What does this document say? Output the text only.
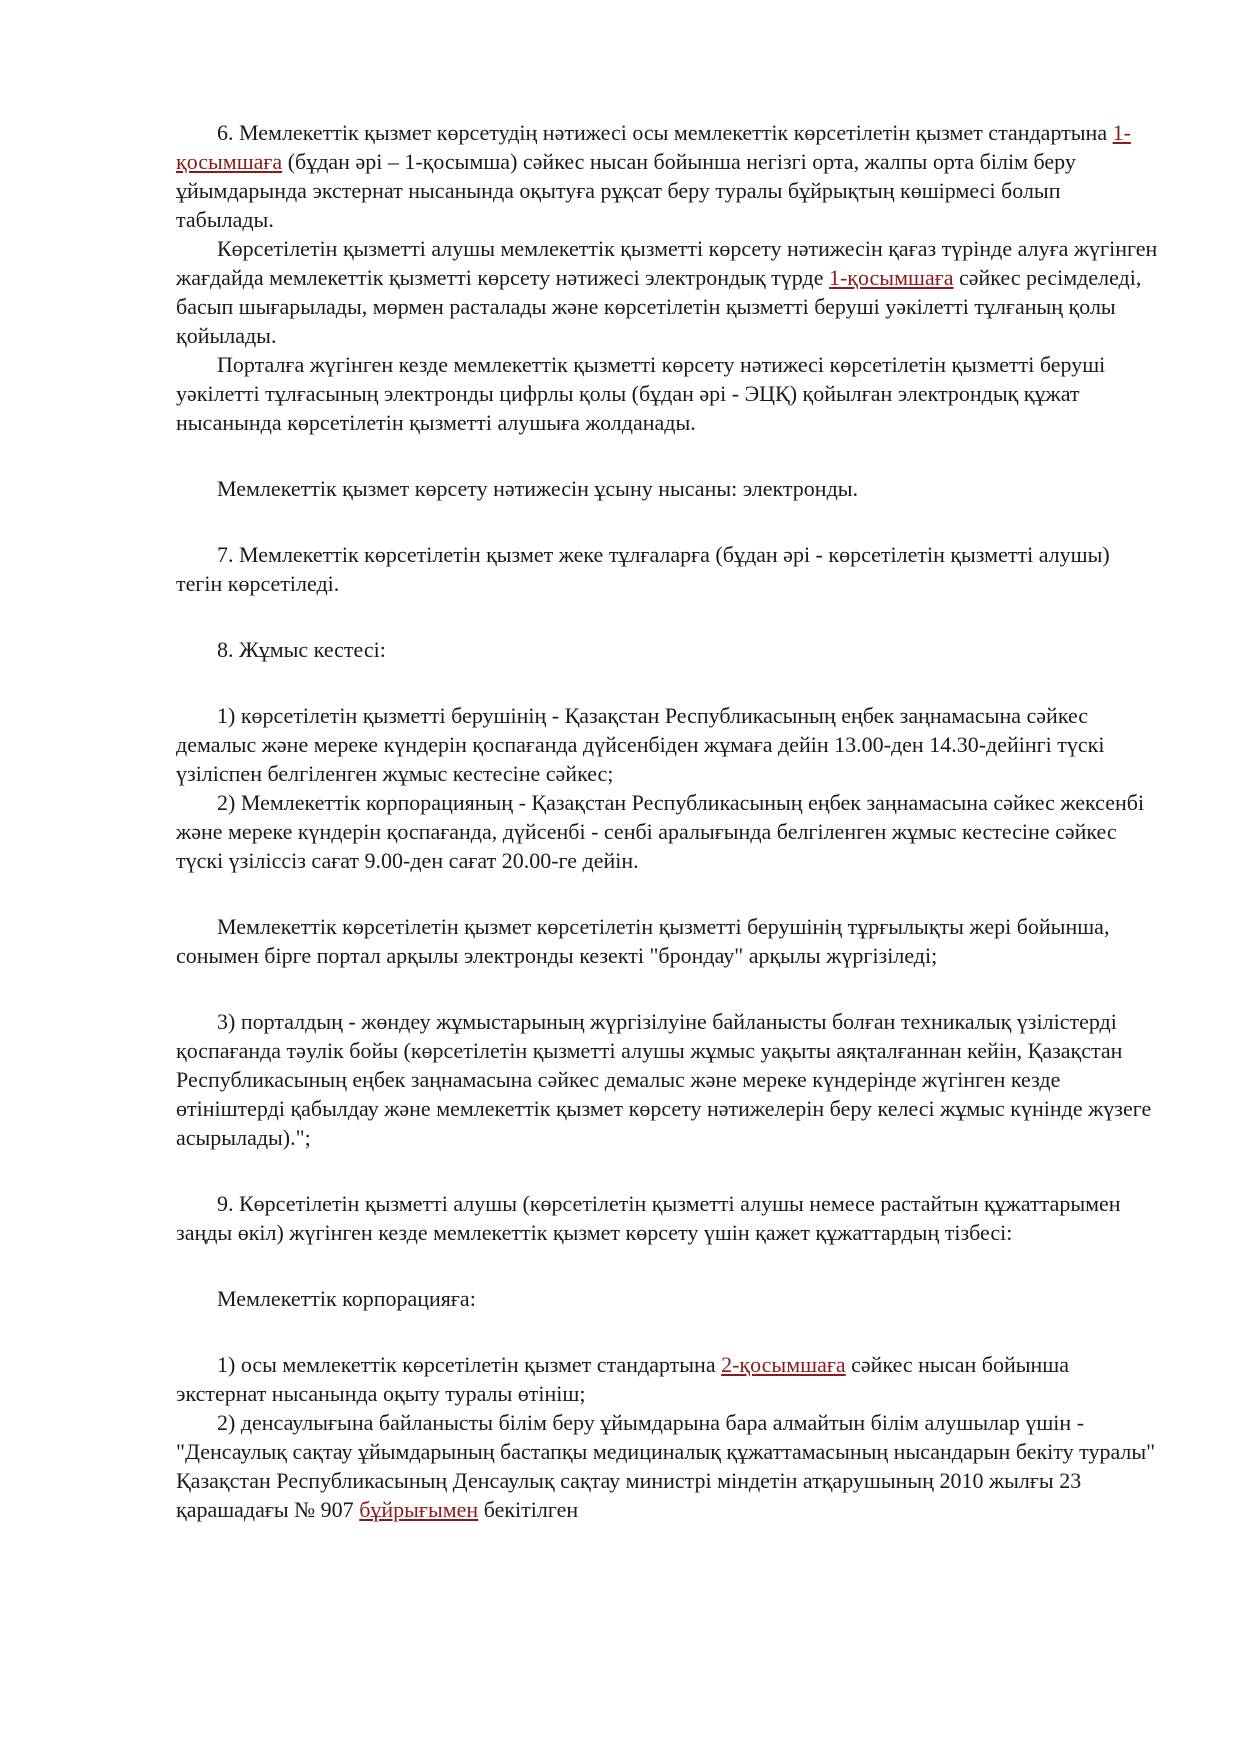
6. Мемлекеттік қызмет көрсетудің нәтижесі осы мемлекеттік көрсетілетін қызмет стандартына 1-қосымшаға (бұдан әрі – 1-қосымша) сәйкес нысан бойынша негізгі орта, жалпы орта білім беру ұйымдарында экстернат нысанында оқытуға рұқсат беру туралы бұйрықтың көшірмесі болып табылады.

Көрсетілетін қызметті алушы мемлекеттік қызметті көрсету нәтижесін қағаз түрінде алуға жүгінген жағдайда мемлекеттік қызметті көрсету нәтижесі электрондық түрде 1-қосымшаға сәйкес ресімделеді, басып шығарылады, мөрмен расталады және көрсетілетін қызметті беруші уәкілетті тұлғаның қолы қойылады.

Порталға жүгінген кезде мемлекеттік қызметті көрсету нәтижесі көрсетілетін қызметті беруші уәкілетті тұлғасының электронды цифрлы қолы (бұдан әрі - ЭЦҚ) қойылған электрондық құжат нысанында көрсетілетін қызметті алушыға жолданады.

Мемлекеттік қызмет көрсету нәтижесін ұсыну нысаны: электронды.

7. Мемлекеттік көрсетілетін қызмет жеке тұлғаларға (бұдан әрі - көрсетілетін қызметті алушы) тегін көрсетіледі.

8. Жұмыс кестесі:

1) көрсетілетін қызметті берушінің - Қазақстан Республикасының еңбек заңнамасына сәйкес демалыс және мереке күндерін қоспағанда дүйсенбіден жұмаға дейін 13.00-ден 14.30-дейінгі түскі үзіліспен белгіленген жұмыс кестесіне сәйкес;

2) Мемлекеттік корпорацияның - Қазақстан Республикасының еңбек заңнамасына сәйкес жексенбі және мереке күндерін қоспағанда, дүйсенбі - сенбі аралығында белгіленген жұмыс кестесіне сәйкес түскі үзіліссіз сағат 9.00-ден сағат 20.00-ге дейін.

Мемлекеттік көрсетілетін қызмет көрсетілетін қызметті берушінің тұрғылықты жері бойынша, сонымен бірге портал арқылы электронды кезекті "брондау" арқылы жүргізіледі;

3) порталдың - жөндеу жұмыстарының жүргізілуіне байланысты болған техникалық үзілістерді қоспағанда тәулік бойы (көрсетілетін қызметті алушы жұмыс уақыты аяқталғаннан кейін, Қазақстан Республикасының еңбек заңнамасына сәйкес демалыс және мереке күндерінде жүгінген кезде өтініштерді қабылдау және мемлекеттік қызмет көрсету нәтижелерін беру келесі жұмыс күнінде жүзеге асырылады).";

9. Көрсетілетін қызметті алушы (көрсетілетін қызметті алушы немесе растайтын құжаттарымен заңды өкіл) жүгінген кезде мемлекеттік қызмет көрсету үшін қажет құжаттардың тізбесі:

Мемлекеттік корпорацияға:

1) осы мемлекеттік көрсетілетін қызмет стандартына 2-қосымшаға сәйкес нысан бойынша экстернат нысанында оқыту туралы өтініш;

2) денсаулығына байланысты білім беру ұйымдарына бара алмайтын білім алушылар үшін - "Денсаулық сақтау ұйымдарының бастапқы медициналық құжаттамасының нысандарын бекіту туралы" Қазақстан Республикасының Денсаулық сақтау министрі міндетін атқарушының 2010 жылғы 23 қарашадағы № 907 бұйрығымен бекітілген
